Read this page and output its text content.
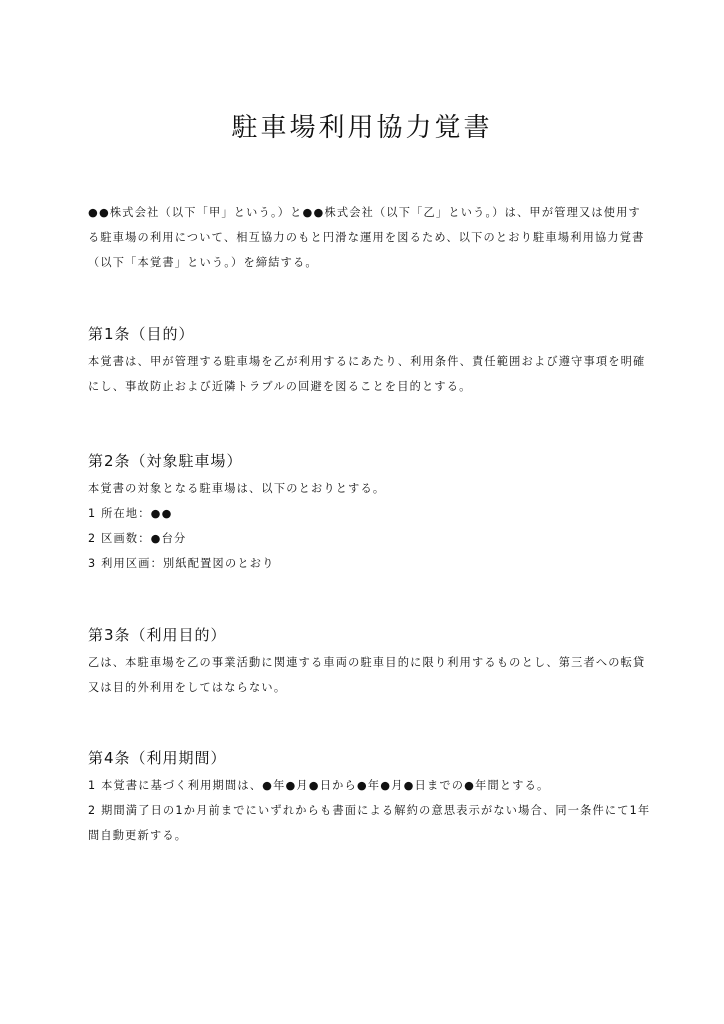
駐車場利用協力覚書
●●株式会社（以下「甲」という。）と●●株式会社（以下「乙」という。）は、甲が管理又は使用す
る駐車場の利用について、相互協力のもと円滑な運用を図るため、以下のとおり駐車場利用協力覚書
（以下「本覚書」という。）を締結する。
第1条（目的）
本覚書は、甲が管理する駐車場を乙が利用するにあたり、利用条件、責任範囲および遵守事項を明確
にし、事故防止および近隣トラブルの回避を図ることを目的とする。
第2条（対象駐車場）
本覚書の対象となる駐車場は、以下のとおりとする。
1 所在地：●●
2 区画数：●台分
3 利用区画：別紙配置図のとおり
第3条（利用目的）
乙は、本駐車場を乙の事業活動に関連する車両の駐車目的に限り利用するものとし、第三者への転貸
又は目的外利用をしてはならない。
第4条（利用期間）
1 本覚書に基づく利用期間は、●年●月●日から●年●月●日までの●年間とする。
2 期間満了日の1か月前までにいずれからも書面による解約の意思表示がない場合、同一条件にて1年
間自動更新する。
